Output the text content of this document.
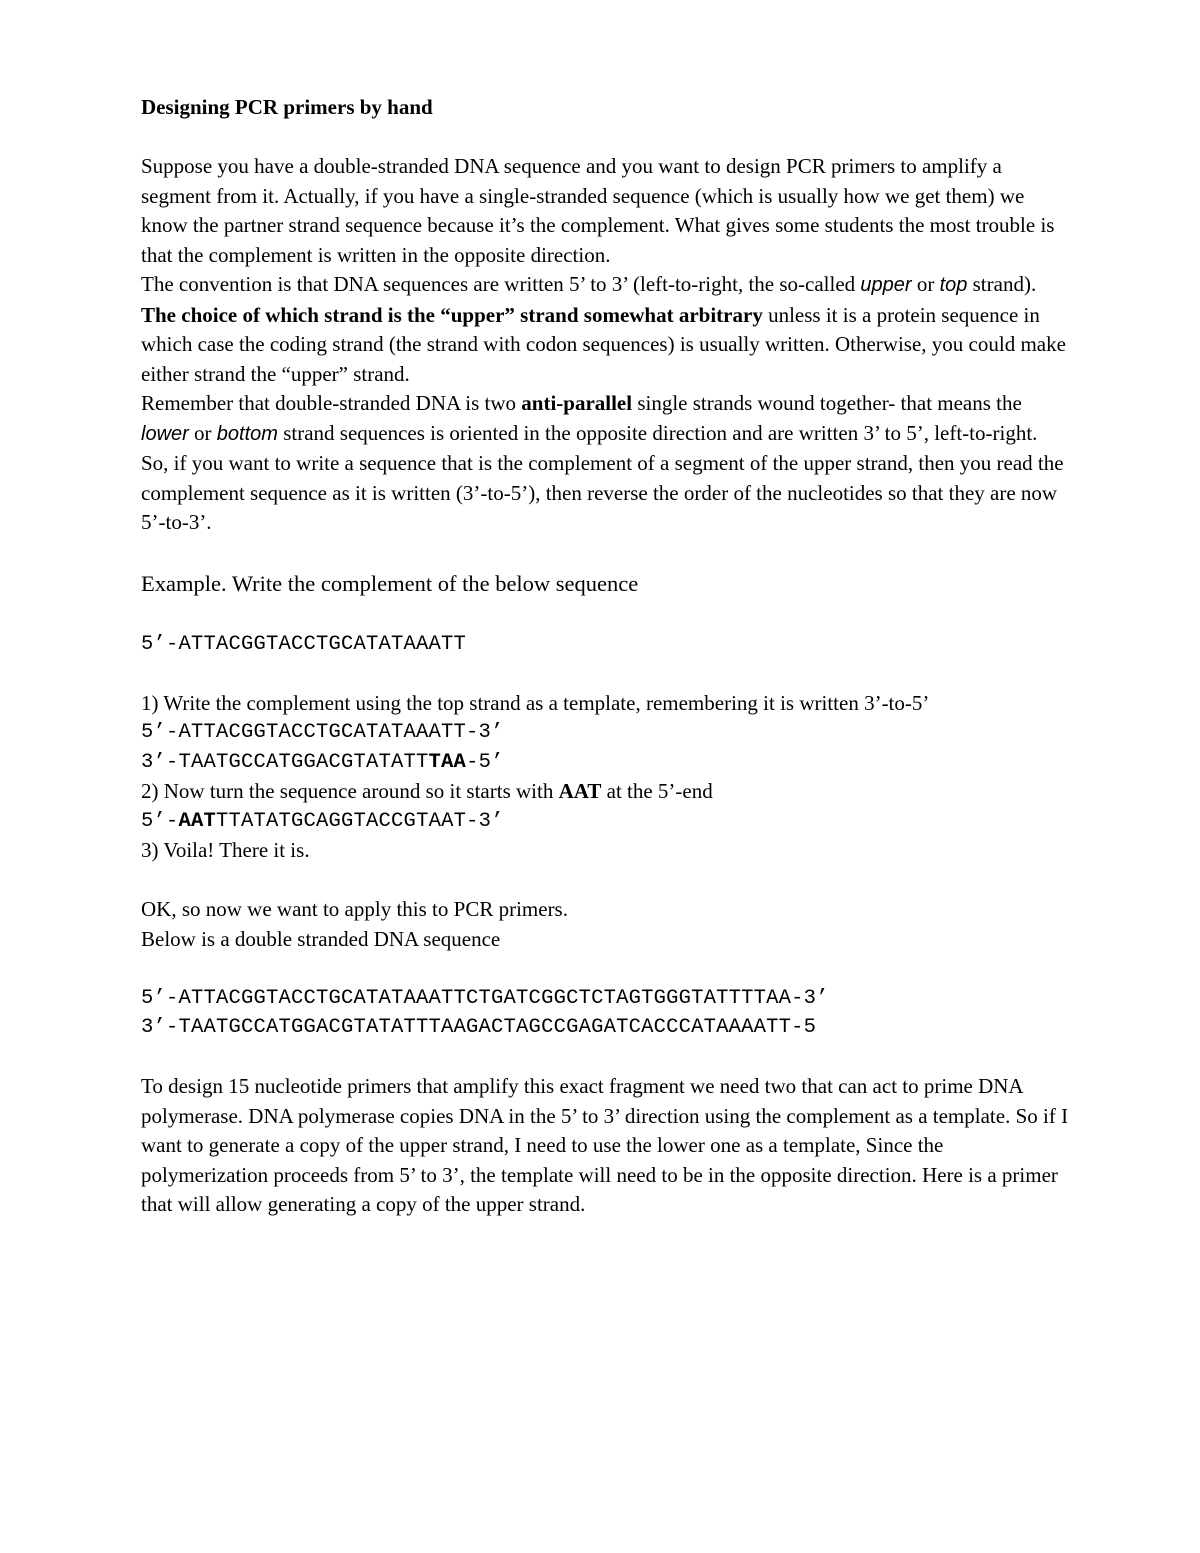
Designing PCR primers by hand

Suppose you have a double-stranded DNA sequence and you want to design PCR primers to amplify a segment from it. Actually, if you have a single-stranded sequence (which is usually how we get them) we know the partner strand sequence because it’s the complement. What gives some students the most trouble is that the complement is written in the opposite direction.

The convention is that DNA sequences are written 5’ to 3’ (left-to-right, the so-called upper or top strand). The choice of which strand is the “upper” strand somewhat arbitrary unless it is a protein sequence in which case the coding strand (the strand with codon sequences) is usually written. Otherwise, you could make either strand the “upper” strand.

Remember that double-stranded DNA is two anti-parallel single strands wound together- that means the lower or bottom strand sequences is oriented in the opposite direction and are written 3’ to 5’, left-to-right.

So, if you want to write a sequence that is the complement of a segment of the upper strand, then you read the complement sequence as it is written (3’-to-5’), then reverse the order of the nucleotides so that they are now 5’-to-3’.

Example. Write the complement of the below sequence

5’-ATTACGGTACCTGCATATAAATT

1) Write the complement using the top strand as a template, remembering it is written 3’-to-5’

5’-ATTACGGTACCTGCATATAAATT-3’

3’-TAATGCCATGGACGTATATTTAA-5’

2) Now turn the sequence around so it starts with AAT at the 5’-end

5’-AATTTATATGCAGGTACCGTAAT-3’

3) Voila! There it is.

OK, so now we want to apply this to PCR primers.

Below is a double stranded DNA sequence

5’-ATTACGGTACCTGCATATAAATTCTGATCGGCTCTAGTGGGTATTTTAA-3’

3’-TAATGCCATGGACGTATATTTAAGACTAGCCGAGATCACCCATAAAATT-5

To design 15 nucleotide primers that amplify this exact fragment we need two that can act to prime DNA polymerase. DNA polymerase copies DNA in the 5’ to 3’ direction using the complement as a template. So if I want to generate a copy of the upper strand, I need to use the lower one as a template, Since the polymerization proceeds from 5’ to 3’, the template will need to be in the opposite direction. Here is a primer that will allow generating a copy of the upper strand.
